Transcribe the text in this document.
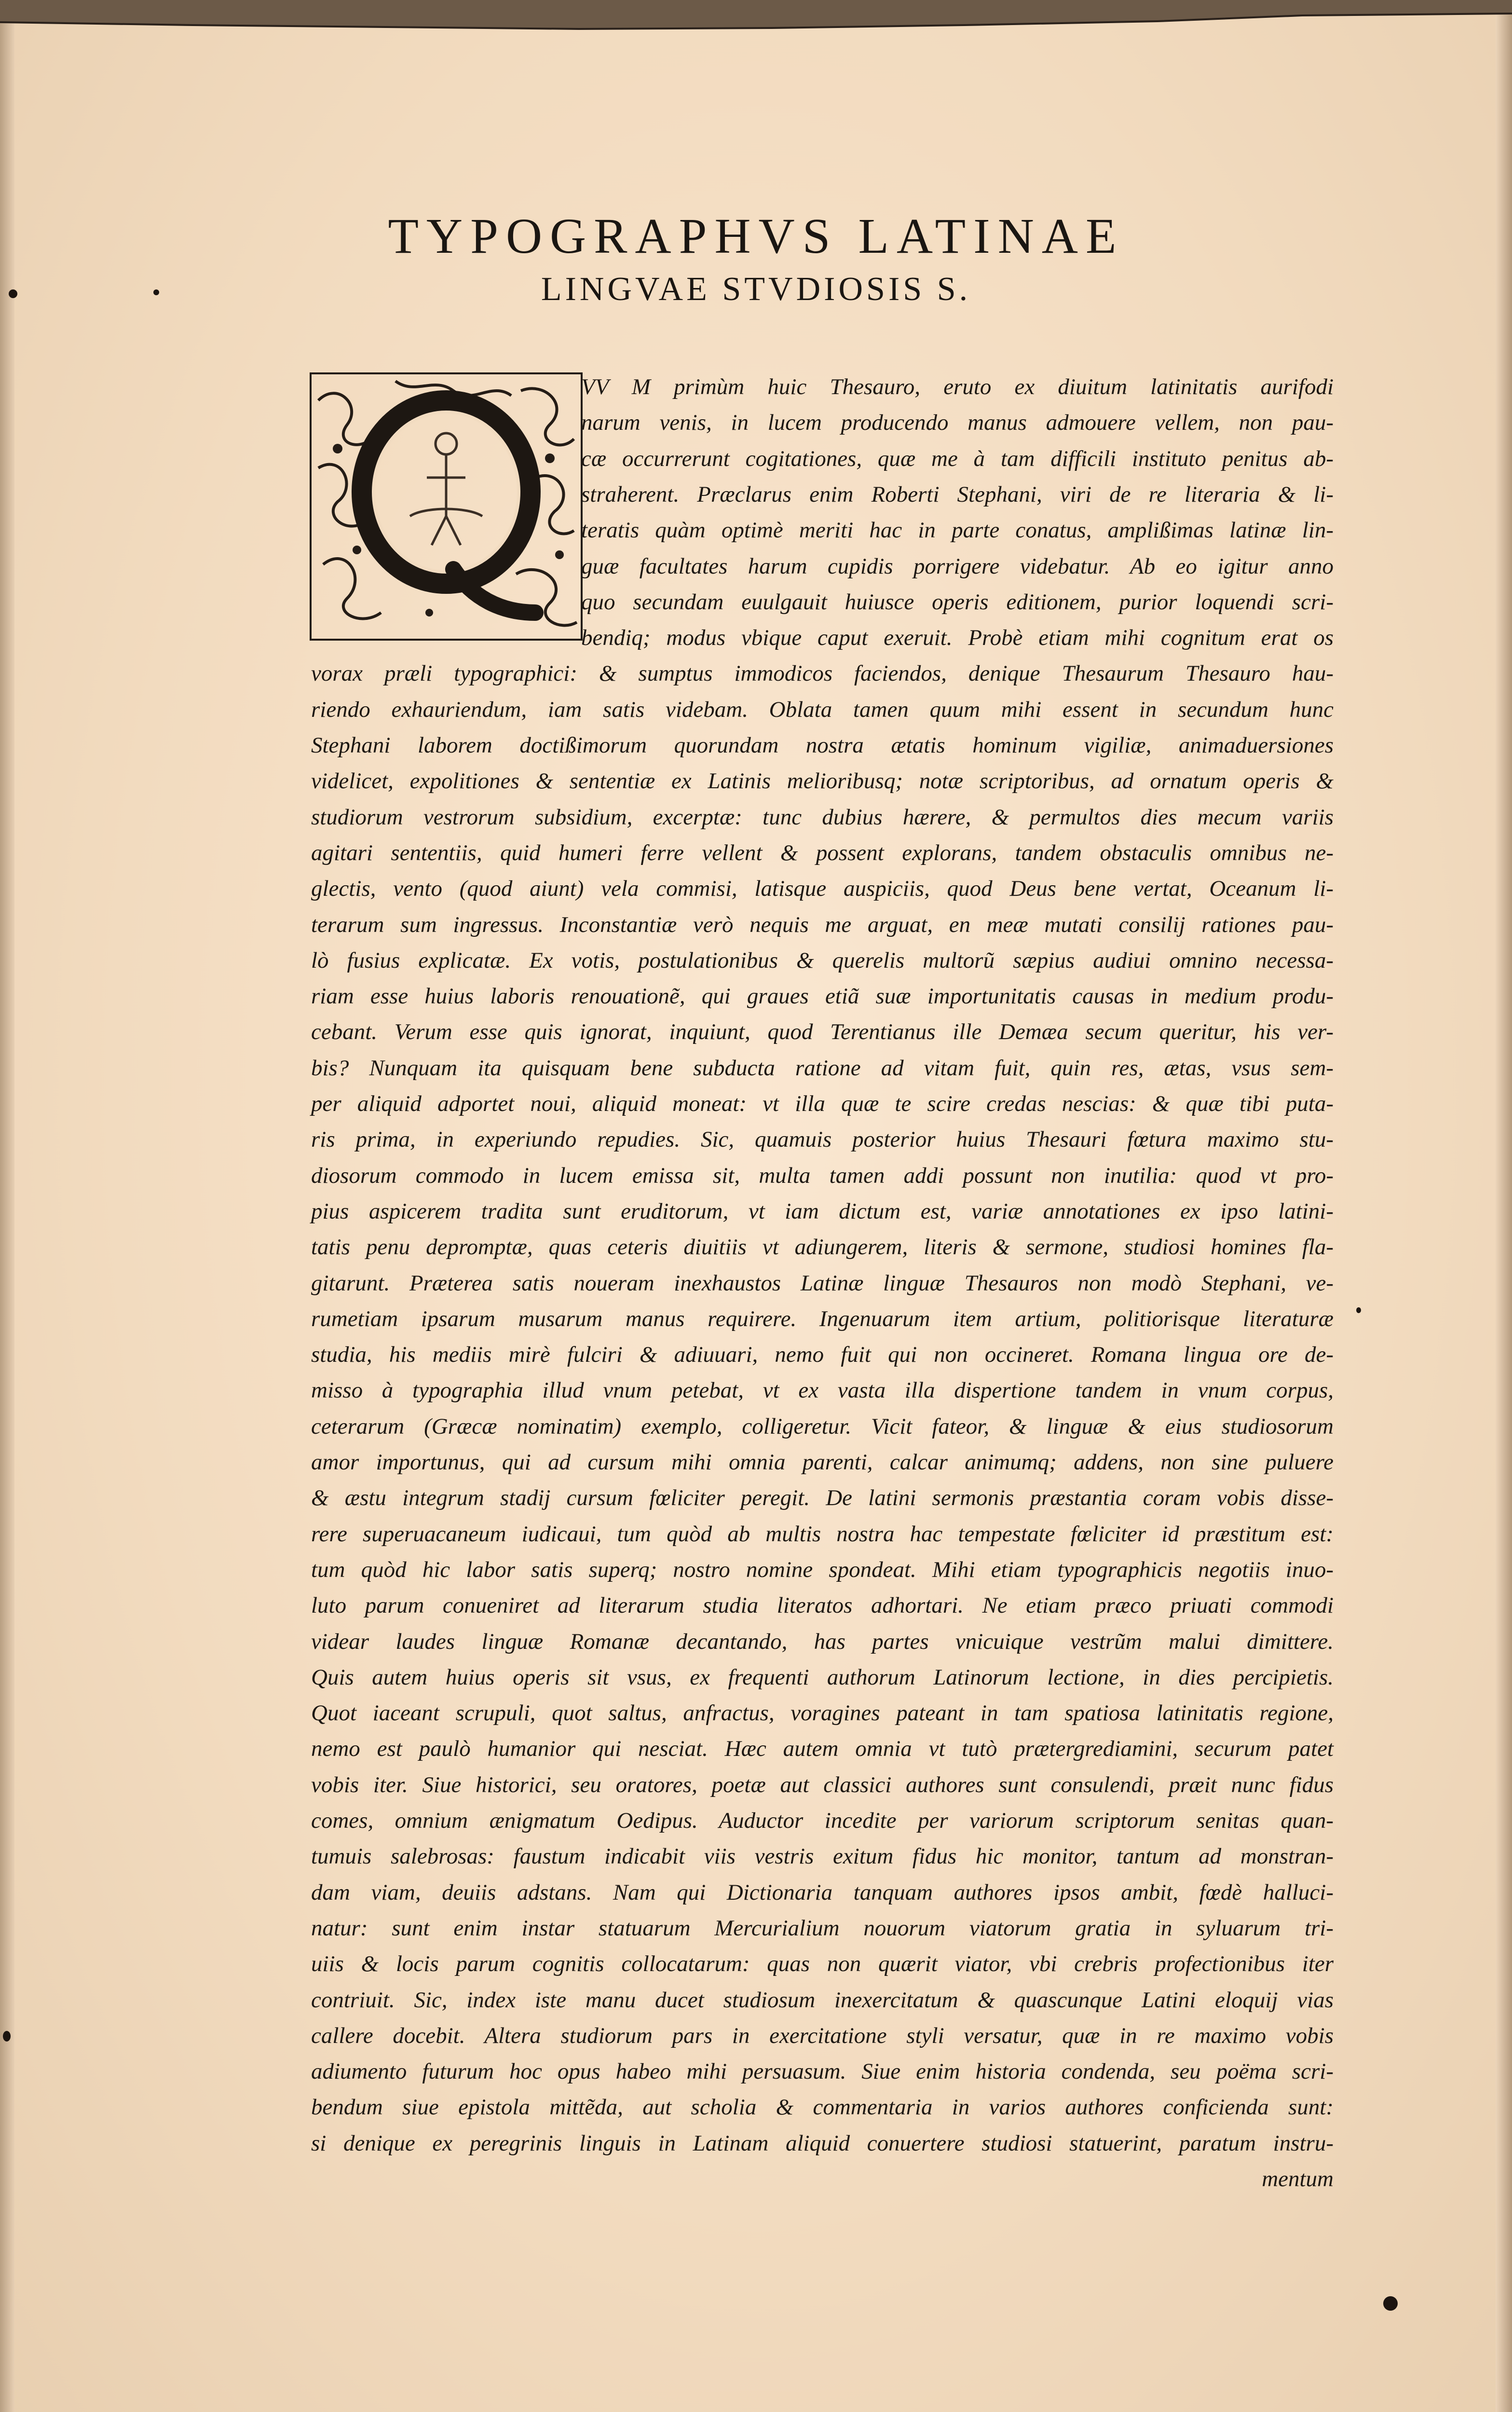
TYPOGRAPHVS LATINAE
LINGVAE STVDIOSIS S.
VV M primùm huic Thesauro, eruto ex diuitum latinitatis aurifodi
narum venis, in lucem producendo manus admouere vellem, non pau-
cæ occurrerunt cogitationes, quæ me à tam difficili instituto penitus ab-
straherent. Præclarus enim Roberti Stephani, viri de re literaria & li-
teratis quàm optimè meriti hac in parte conatus, amplißimas latinæ lin-
guæ facultates harum cupidis porrigere videbatur. Ab eo igitur anno
quo secundam euulgauit huiusce operis editionem, purior loquendi scri-
bendiq; modus vbique caput exeruit. Probè etiam mihi cognitum erat os
vorax præli typographici: & sumptus immodicos faciendos, denique Thesaurum Thesauro hau-
riendo exhauriendum, iam satis videbam. Oblata tamen quum mihi essent in secundum hunc
Stephani laborem doctißimorum quorundam nostra ætatis hominum vigiliæ, animaduersiones
videlicet, expolitiones & sententiæ ex Latinis melioribusq; notæ scriptoribus, ad ornatum operis &
studiorum vestrorum subsidium, excerptæ: tunc dubius hærere, & permultos dies mecum variis
agitari sententiis, quid humeri ferre vellent & possent explorans, tandem obstaculis omnibus ne-
glectis, vento (quod aiunt) vela commisi, latisque auspiciis, quod Deus bene vertat, Oceanum li-
terarum sum ingressus. Inconstantiæ verò nequis me arguat, en meæ mutati consilij rationes pau-
lò fusius explicatæ. Ex votis, postulationibus & querelis multorũ sæpius audiui omnino necessa-
riam esse huius laboris renouationẽ, qui graues etiã suæ importunitatis causas in medium produ-
cebant. Verum esse quis ignorat, inquiunt, quod Terentianus ille Demæa secum queritur, his ver-
bis? Nunquam ita quisquam bene subducta ratione ad vitam fuit, quin res, ætas, vsus sem-
per aliquid adportet noui, aliquid moneat: vt illa quæ te scire credas nescias: & quæ tibi puta-
ris prima, in experiundo repudies. Sic, quamuis posterior huius Thesauri fœtura maximo stu-
diosorum commodo in lucem emissa sit, multa tamen addi possunt non inutilia: quod vt pro-
pius aspicerem tradita sunt eruditorum, vt iam dictum est, variæ annotationes ex ipso latini-
tatis penu depromptæ, quas ceteris diuitiis vt adiungerem, literis & sermone, studiosi homines fla-
gitarunt. Præterea satis noueram inexhaustos Latinæ linguæ Thesauros non modò Stephani, ve-
rumetiam ipsarum musarum manus requirere. Ingenuarum item artium, politiorisque literaturæ
studia, his mediis mirè fulciri & adiuuari, nemo fuit qui non occineret. Romana lingua ore de-
misso à typographia illud vnum petebat, vt ex vasta illa dispertione tandem in vnum corpus,
ceterarum (Græcæ nominatim) exemplo, colligeretur. Vicit fateor, & linguæ & eius studiosorum
amor importunus, qui ad cursum mihi omnia parenti, calcar animumq; addens, non sine puluere
& æstu integrum stadij cursum fœliciter peregit. De latini sermonis præstantia coram vobis disse-
rere superuacaneum iudicaui, tum quòd ab multis nostra hac tempestate fœliciter id præstitum est:
tum quòd hic labor satis superq; nostro nomine spondeat. Mihi etiam typographicis negotiis inuo-
luto parum conueniret ad literarum studia literatos adhortari. Ne etiam præco priuati commodi
videar laudes linguæ Romanæ decantando, has partes vnicuique vestrũm malui dimittere.
Quis autem huius operis sit vsus, ex frequenti authorum Latinorum lectione, in dies percipietis.
Quot iaceant scrupuli, quot saltus, anfractus, voragines pateant in tam spatiosa latinitatis regione,
nemo est paulò humanior qui nesciat. Hæc autem omnia vt tutò prætergrediamini, securum patet
vobis iter. Siue historici, seu oratores, poetæ aut classici authores sunt consulendi, præit nunc fidus
comes, omnium ænigmatum Oedipus. Auductor incedite per variorum scriptorum senitas quan-
tumuis salebrosas: faustum indicabit viis vestris exitum fidus hic monitor, tantum ad monstran-
dam viam, deuiis adstans. Nam qui Dictionaria tanquam authores ipsos ambit, fœdè halluci-
natur: sunt enim instar statuarum Mercurialium nouorum viatorum gratia in syluarum tri-
uiis & locis parum cognitis collocatarum: quas non quærit viator, vbi crebris profectionibus iter
contriuit. Sic, index iste manu ducet studiosum inexercitatum & quascunque Latini eloquij vias
callere docebit. Altera studiorum pars in exercitatione styli versatur, quæ in re maximo vobis
adiumento futurum hoc opus habeo mihi persuasum. Siue enim historia condenda, seu poëma scri-
bendum siue epistola mittẽda, aut scholia & commentaria in varios authores conficienda sunt:
si denique ex peregrinis linguis in Latinam aliquid conuertere studiosi statuerint, paratum instru-
mentum
